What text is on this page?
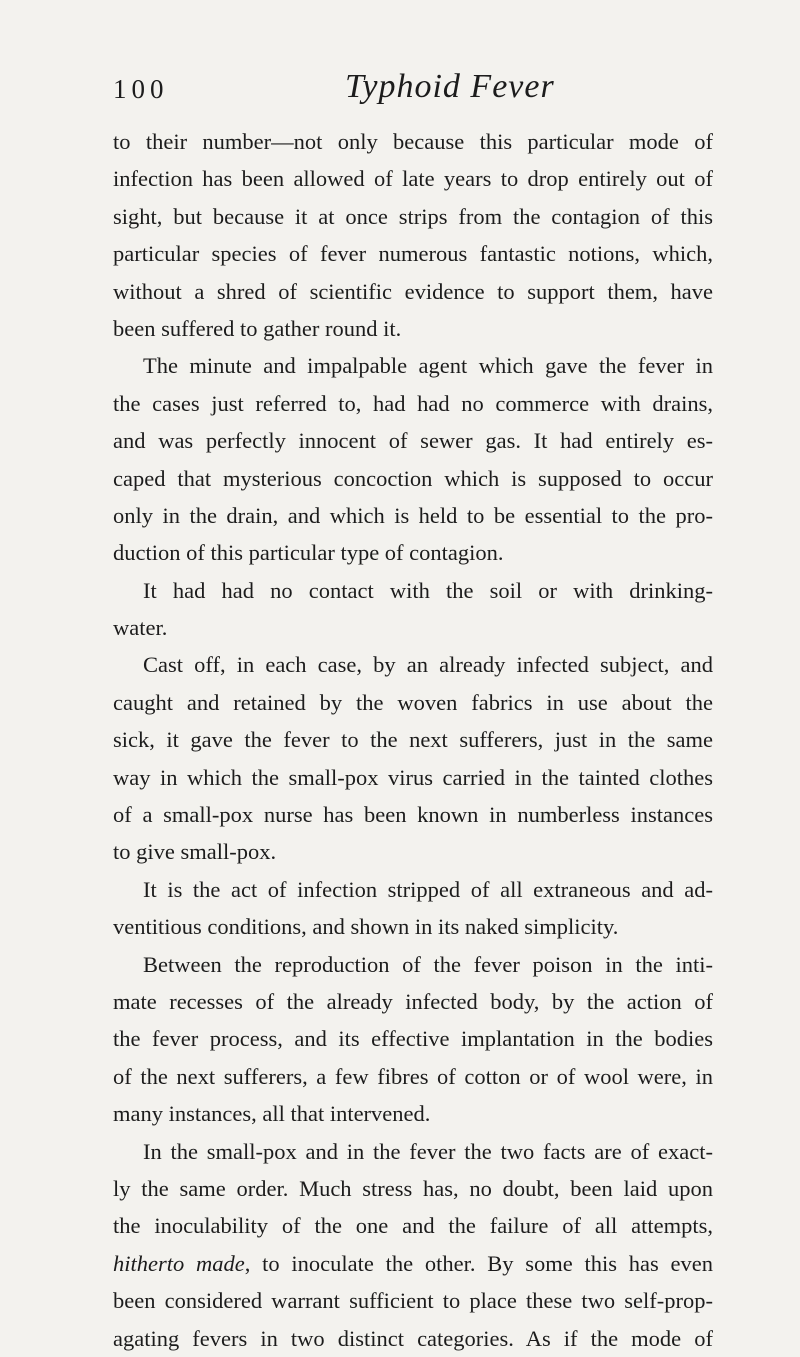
100	Typhoid Fever
to their number—not only because this particular mode of
infection has been allowed of late years to drop entirely out of
sight, but because it at once strips from the contagion of this
particular species of fever numerous fantastic notions, which,
without a shred of scientific evidence to support them, have
been suffered to gather round it.
The minute and impalpable agent which gave the fever in
the cases just referred to, had had no commerce with drains,
and was perfectly innocent of sewer gas. It had entirely es-
caped that mysterious concoction which is supposed to occur
only in the drain, and which is held to be essential to the pro-
duction of this particular type of contagion.
It had had no contact with the soil or with drinking-
water.
Cast off, in each case, by an already infected subject, and
caught and retained by the woven fabrics in use about the
sick, it gave the fever to the next sufferers, just in the same
way in which the small-pox virus carried in the tainted clothes
of a small-pox nurse has been known in numberless instances
to give small-pox.
It is the act of infection stripped of all extraneous and ad-
ventitious conditions, and shown in its naked simplicity.
Between the reproduction of the fever poison in the inti-
mate recesses of the already infected body, by the action of
the fever process, and its effective implantation in the bodies
of the next sufferers, a few fibres of cotton or of wool were, in
many instances, all that intervened.
In the small-pox and in the fever the two facts are of exact-
ly the same order. Much stress has, no doubt, been laid upon
the inoculability of the one and the failure of all attempts,
hitherto made, to inoculate the other. By some this has even
been considered warrant sufficient to place these two self-prop-
agating fevers in two distinct categories. As if the mode of
